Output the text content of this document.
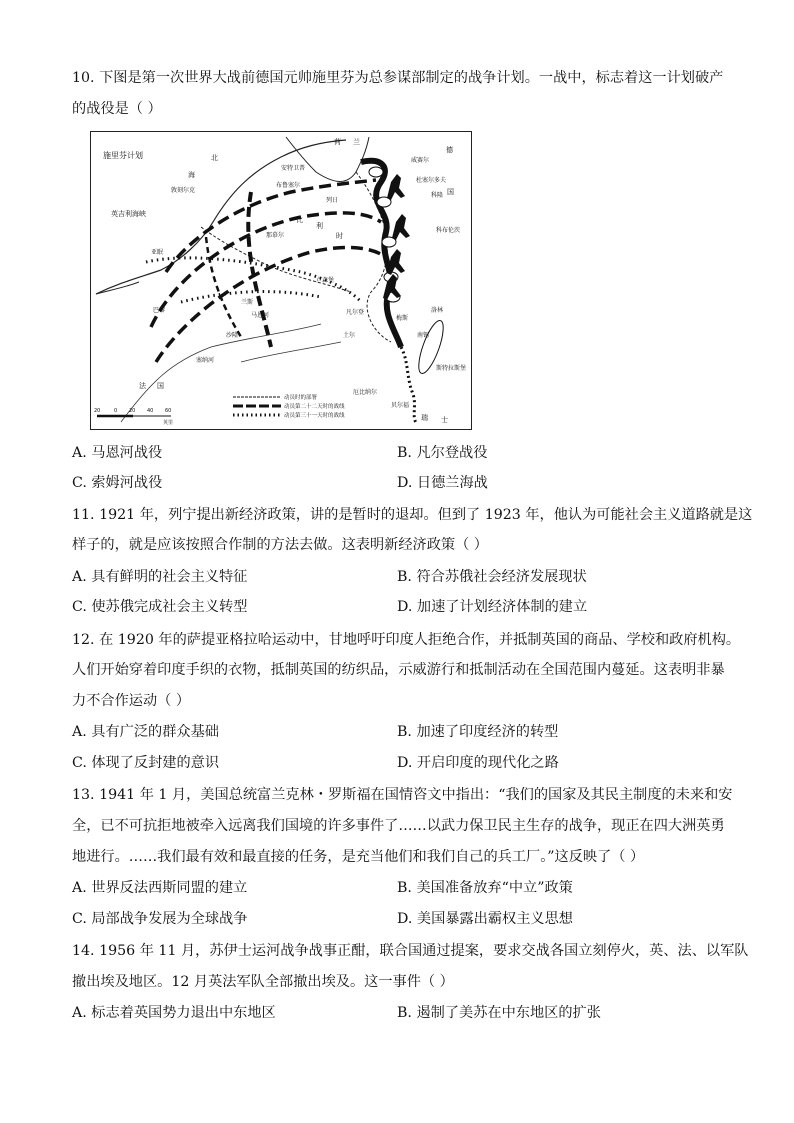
10. 下图是第一次世界大战前德国元帅施里芬为总参谋部制定的战争计划。一战中，标志着这一计划破产
的战役是（ ）
施里芬计划
荷 兰
北
海
德
国
英吉利海峡
比
利
时
法 国
瑞 士
安特卫普
布鲁塞尔
列日
敦刻尔克
那慕尔
亚眠
巴黎	凡尔登
梅斯
南锡
土尔
贝尔福
厄比纳尔
斯特拉斯堡
威赛尔
杜塞尔多夫
科隆
科布伦茨
兰斯
沙隆
塞纳河
马恩河
卢森堡
洛林
20	0 20 40 60
英里
动员时的部署
动员第二十二天时的战线
动员第三十一天时的战线
A. 马恩河战役	B. 凡尔登战役
C. 索姆河战役	D. 日德兰海战
11. 1921 年，列宁提出新经济政策，讲的是暂时的退却。但到了 1923 年，他认为可能社会主义道路就是这
样子的，就是应该按照合作制的方法去做。这表明新经济政策（ ）
A. 具有鲜明的社会主义特征	B. 符合苏俄社会经济发展现状
C. 使苏俄完成社会主义转型	D. 加速了计划经济体制的建立
12. 在 1920 年的萨提亚格拉哈运动中，甘地呼吁印度人拒绝合作，并抵制英国的商品、学校和政府机构。
人们开始穿着印度手织的衣物，抵制英国的纺织品，示威游行和抵制活动在全国范围内蔓延。这表明非暴
力不合作运动（ ）
A. 具有广泛的群众基础	B. 加速了印度经济的转型
C. 体现了反封建的意识	D. 开启印度的现代化之路
13. 1941 年 1 月，美国总统富兰克林・罗斯福在国情咨文中指出：“我们的国家及其民主制度的未来和安
全，已不可抗拒地被牵入远离我们国境的许多事件了……以武力保卫民主生存的战争，现正在四大洲英勇
地进行。……我们最有效和最直接的任务，是充当他们和我们自己的兵工厂。”这反映了（ ）
A. 世界反法西斯同盟的建立	B. 美国准备放弃“中立”政策
C. 局部战争发展为全球战争	D. 美国暴露出霸权主义思想
14. 1956 年 11 月，苏伊士运河战争战事正酣，联合国通过提案，要求交战各国立刻停火，英、法、以军队
撤出埃及地区。12 月英法军队全部撤出埃及。这一事件（ ）
A. 标志着英国势力退出中东地区	B. 遏制了美苏在中东地区的扩张
